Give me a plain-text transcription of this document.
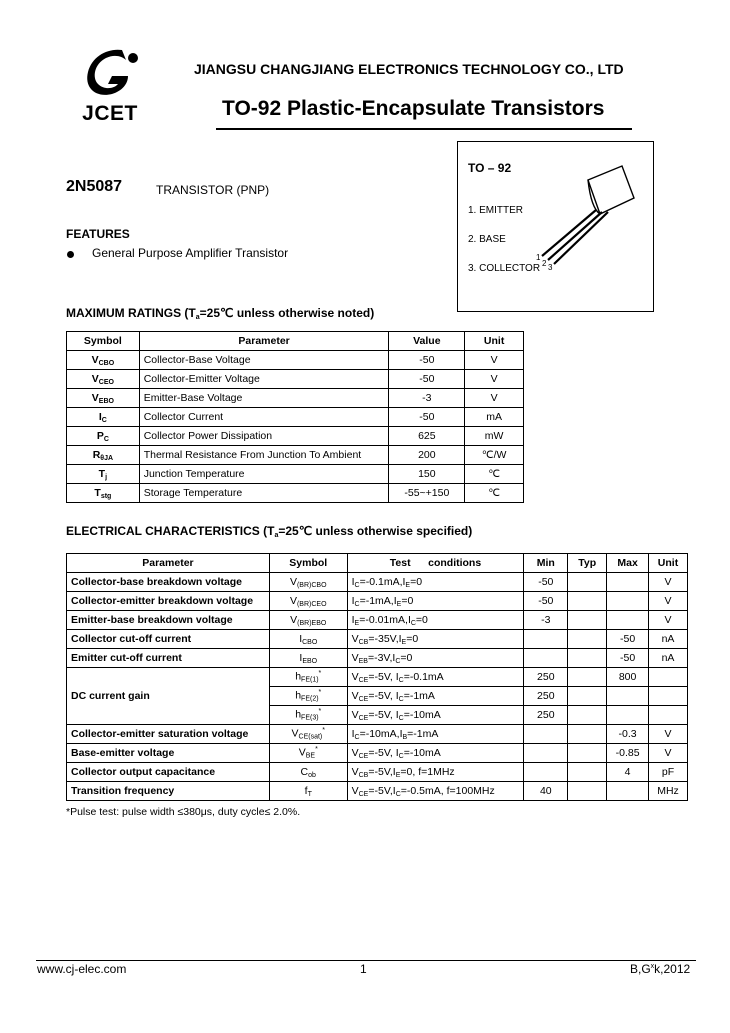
JCET
JIANGSU CHANGJIANG ELECTRONICS TECHNOLOGY CO., LTD
TO-92 Plastic-Encapsulate Transistors
TO – 92
1. EMITTER
2. BASE
3. COLLECTOR
1
2 3
2N5087	TRANSISTOR (PNP)
FEATURES
General Purpose Amplifier Transistor
MAXIMUM RATINGS ($T_a=25℃$ unless otherwise noted)
Symbol	Parameter	Value	Unit
$V_{CBO}$	Collector-Base Voltage	-50	V
$V_{CEO}$	Collector-Emitter Voltage	-50	V
$V_{EBO}$	Emitter-Base Voltage	-3	V
$I_C$	Collector Current	-50	mA
$P_C$	Collector Power Dissipation	625	mW
$R_{\theta JA}$	Thermal Resistance From Junction To Ambient	200	℃/W
$T_j$	Junction Temperature	150	℃
$T_{stg}$	Storage Temperature	-55~+150	℃
ELECTRICAL CHARACTERISTICS ($T_a=25℃$ unless otherwise specified)
Parameter	Symbol	Test      conditions	Min	Typ	Max	Unit
Collector-base breakdown voltage	$V_{(BR)CBO}$	$I_C=-0.1mA,I_E=0$	-50			V
Collector-emitter breakdown voltage	$V_{(BR)CEO}$	$I_C=-1mA,I_E=0$	-50			V
Emitter-base breakdown voltage	$V_{(BR)EBO}$	$I_E=-0.01mA,I_C=0$	-3			V
Collector cut-off current	$I_{CBO}$	$V_{CB}=-35V,I_E=0$			-50	nA
Emitter cut-off current	$I_{EBO}$	$V_{EB}=-3V,I_C=0$			-50	nA
DC current gain	$h_{FE(1)}^*$	$V_{CE}=-5V$, $I_C=-0.1mA$	250		800	
	$h_{FE(2)}^*$	$V_{CE}=-5V$, $I_C=-1mA$	250			
	$h_{FE(3)}^*$	$V_{CE}=-5V$, $I_C=-10mA$	250			
Collector-emitter saturation voltage	$V_{CE(sat)}^*$	$I_C=-10mA,I_B=-1mA$			-0.3	V
Base-emitter voltage	$V_{BE}^*$	$V_{CE}=-5V$, $I_C=-10mA$			-0.85	V
Collector output capacitance	$C_{ob}$	$V_{CB}=-5V,I_E=0$, f=1MHz			4	pF
Transition frequency	$f_T$	$V_{CE}=-5V,I_C=-0.5mA$, f=100MHz	40			MHz
*Pulse test: pulse width ≤380μs, duty cycle≤ 2.0%.
www.cj-elec.com	1	$B,G^xk,2012$
